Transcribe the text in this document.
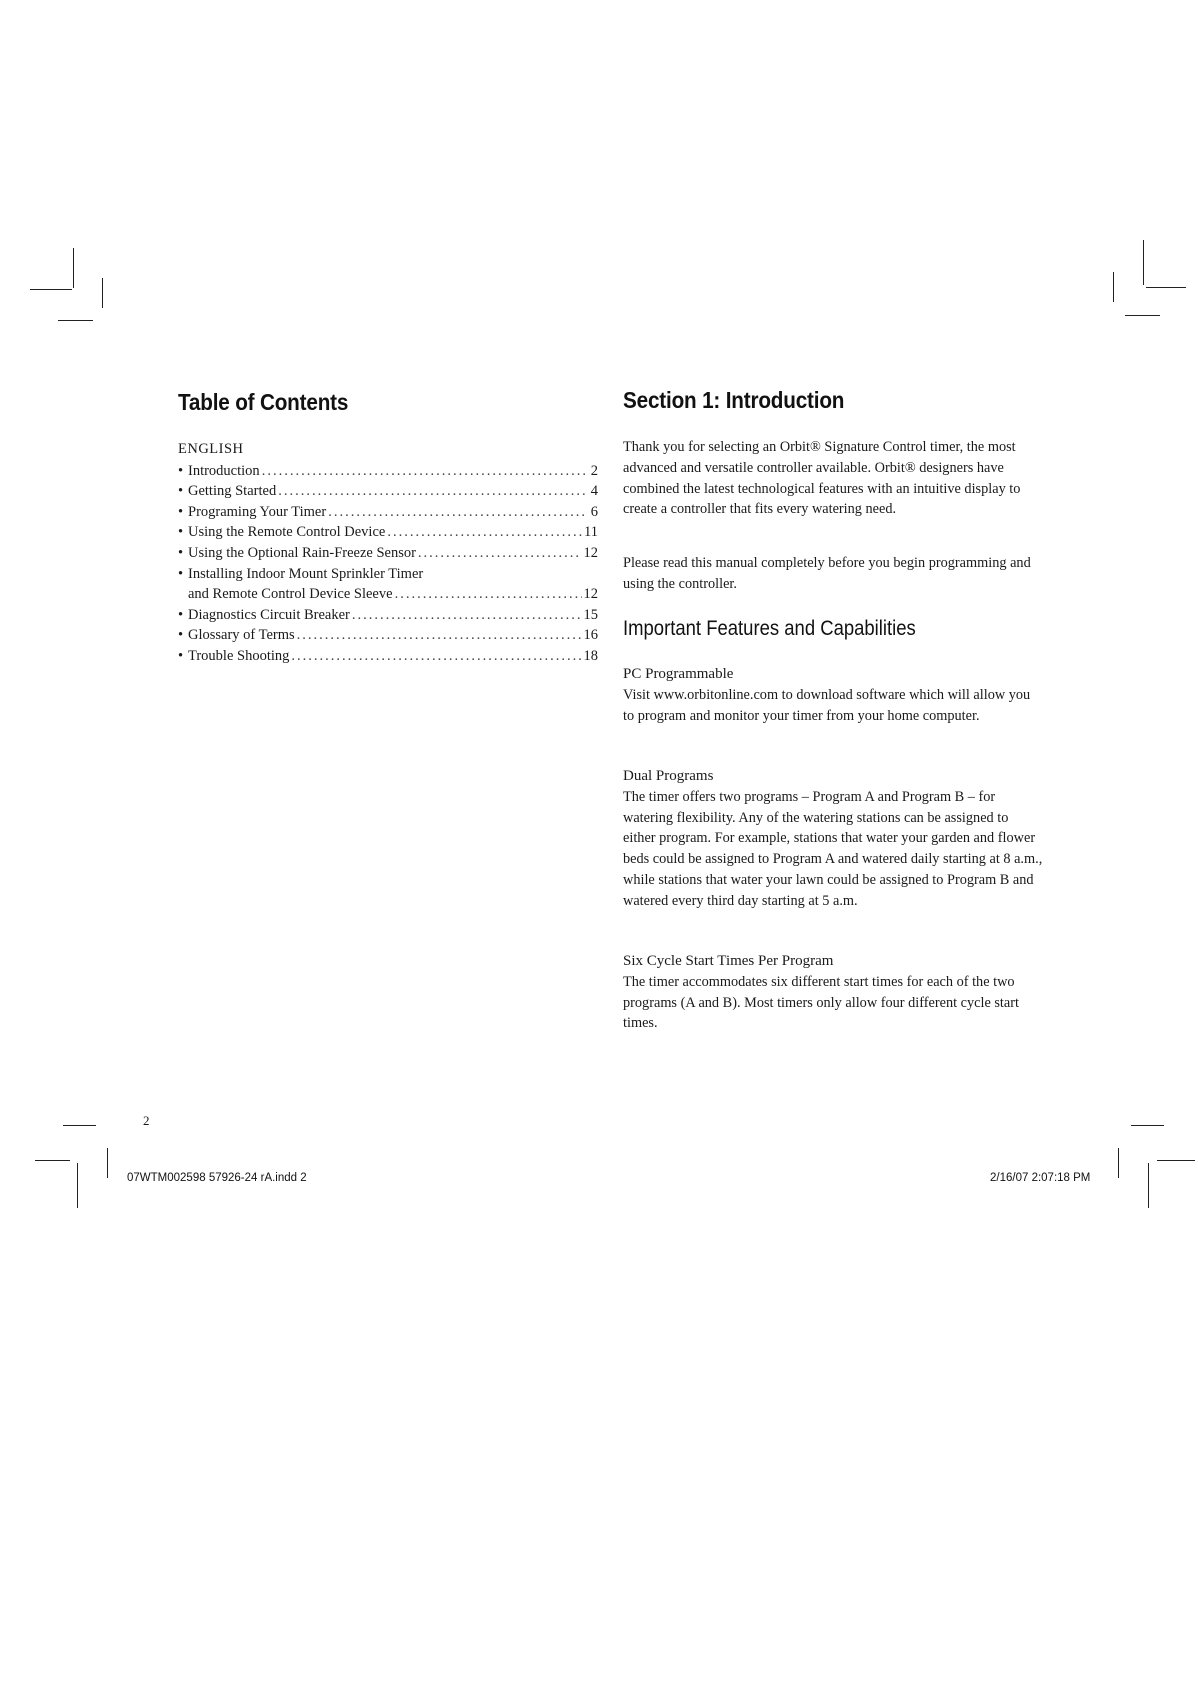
Table of Contents
ENGLISH
• Introduction .....	2
• Getting Started .....	4
• Programing Your Timer .....	6
• Using the Remote Control Device .....	11
• Using the Optional Rain-Freeze Sensor .....	12
• Installing Indoor Mount Sprinkler Timer
and Remote Control Device Sleeve .....	12
• Diagnostics Circuit Breaker .....	15
• Glossary of Terms .....	16
• Trouble Shooting .....	18
Section 1: Introduction

Thank you for selecting an Orbit® Signature Control timer, the most advanced and versatile controller available. Orbit® designers have combined the latest technological features with an intuitive display to create a controller that fits every watering need.

Please read this manual completely before you begin programming and using the controller.

Important Features and Capabilities
PC Programmable
Visit www.orbitonline.com to download software which will allow you to program and monitor your timer from your home computer.
Dual Programs
The timer offers two programs – Program A and Program B – for watering flexibility. Any of the watering stations can be assigned to either program. For example, stations that water your garden and flower beds could be assigned to Program A and watered daily starting at 8 a.m., while stations that water your lawn could be assigned to Program B and watered every third day starting at 5 a.m.
Six Cycle Start Times Per Program
The timer accommodates six different start times for each of the two programs (A and B). Most timers only allow four different cycle start times.
2
07WTM002598 57926-24 rA.indd 2	2/16/07 2:07:18 PM
